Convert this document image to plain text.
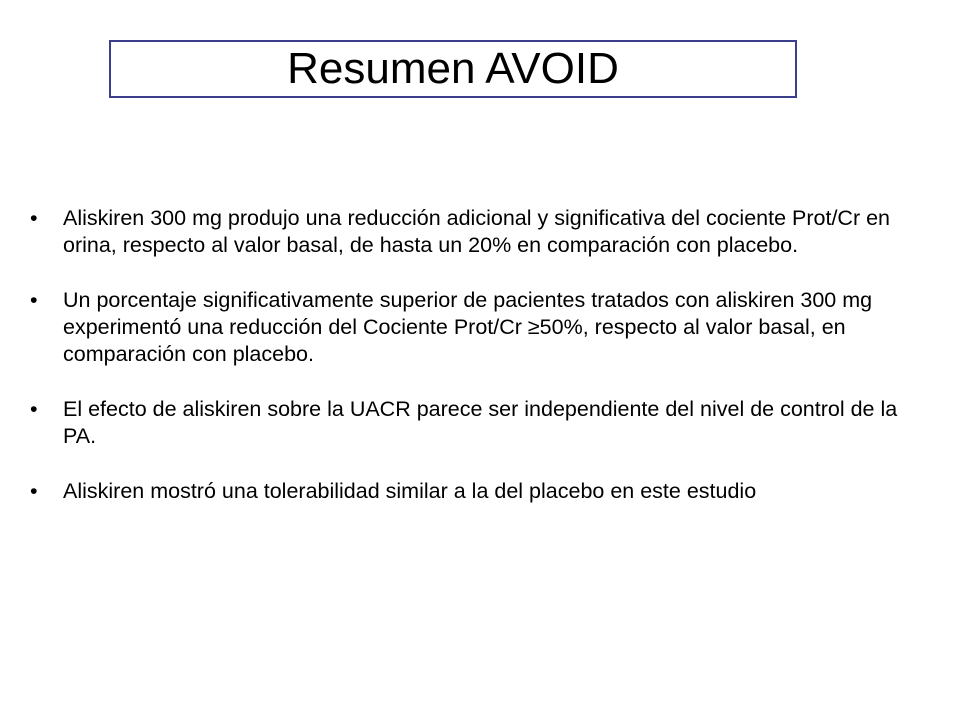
Resumen AVOID
•	Aliskiren 300 mg produjo una reducción adicional y significativa del cociente Prot/Cr en orina, respecto al valor basal, de hasta un 20% en comparación con placebo.
•	Un porcentaje significativamente superior de pacientes tratados con aliskiren 300 mg experimentó una reducción del Cociente Prot/Cr ≥50%, respecto al valor basal, en comparación con placebo.
•	El efecto de aliskiren sobre la UACR parece ser independiente del nivel de control de la PA.
•	Aliskiren mostró una tolerabilidad similar a la del placebo en este estudio
